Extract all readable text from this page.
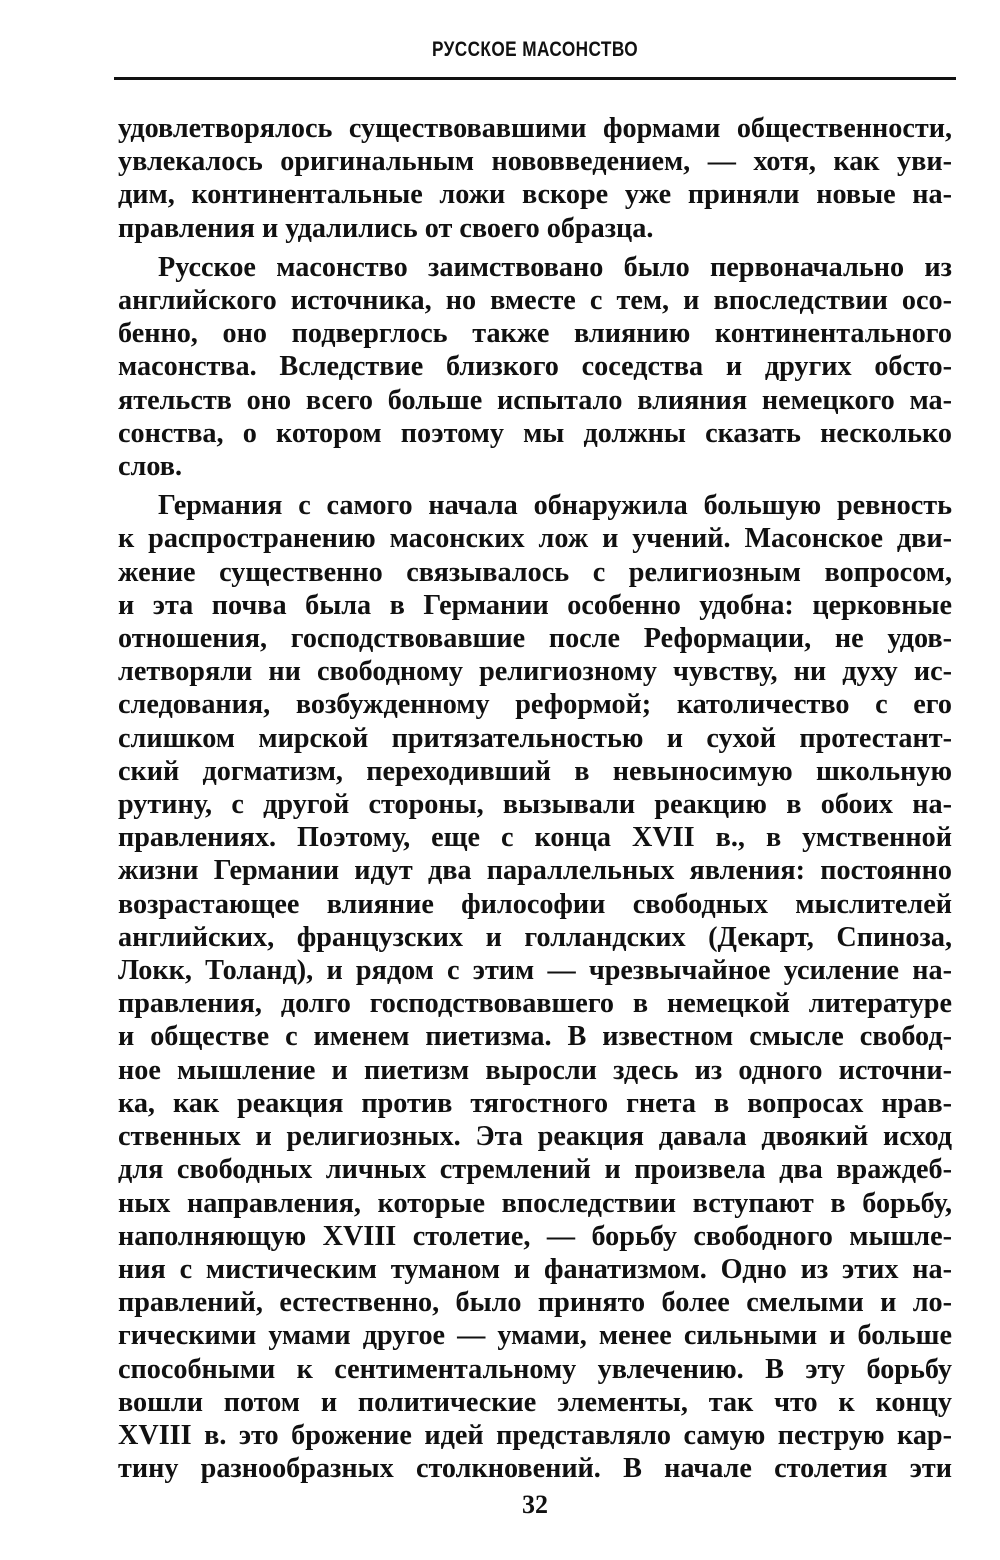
РУССКОЕ МАСОНСТВО

удовлетворялось существовавшими формами общественности,
увлекалось оригинальным нововведением, — хотя, как уви-
дим, континентальные ложи вскоре уже приняли новые на-
правления и удалились от своего образца.

Русское масонство заимствовано было первоначально из
английского источника, но вместе с тем, и впоследствии осо-
бенно, оно подверглось также влиянию континентального
масонства. Вследствие близкого соседства и других обсто-
ятельств оно всего больше испытало влияния немецкого ма-
сонства, о котором поэтому мы должны сказать несколько
слов.

Германия с самого начала обнаружила большую ревность
к распространению масонских лож и учений. Масонское дви-
жение существенно связывалось с религиозным вопросом,
и эта почва была в Германии особенно удобна: церковные
отношения, господствовавшие после Реформации, не удов-
летворяли ни свободному религиозному чувству, ни духу ис-
следования, возбужденному реформой; католичество с его
слишком мирской притязательностью и сухой протестант-
ский догматизм, переходивший в невыносимую школьную
рутину, с другой стороны, вызывали реакцию в обоих на-
правлениях. Поэтому, еще с конца XVII в., в умственной
жизни Германии идут два параллельных явления: постоянно
возрастающее влияние философии свободных мыслителей
английских, французских и голландских (Декарт, Спиноза,
Локк, Толанд), и рядом с этим — чрезвычайное усиление на-
правления, долго господствовавшего в немецкой литературе
и обществе с именем пиетизма. В известном смысле свобод-
ное мышление и пиетизм выросли здесь из одного источни-
ка, как реакция против тягостного гнета в вопросах нрав-
ственных и религиозных. Эта реакция давала двоякий исход
для свободных личных стремлений и произвела два враждеб-
ных направления, которые впоследствии вступают в борьбу,
наполняющую XVIII столетие, — борьбу свободного мышле-
ния с мистическим туманом и фанатизмом. Одно из этих на-
правлений, естественно, было принято более смелыми и ло-
гическими умами другое — умами, менее сильными и больше
способными к сентиментальному увлечению. В эту борьбу
вошли потом и политические элементы, так что к концу
XVIII в. это брожение идей представляло самую пеструю кар-
тину разнообразных столкновений. В начале столетия эти

32
